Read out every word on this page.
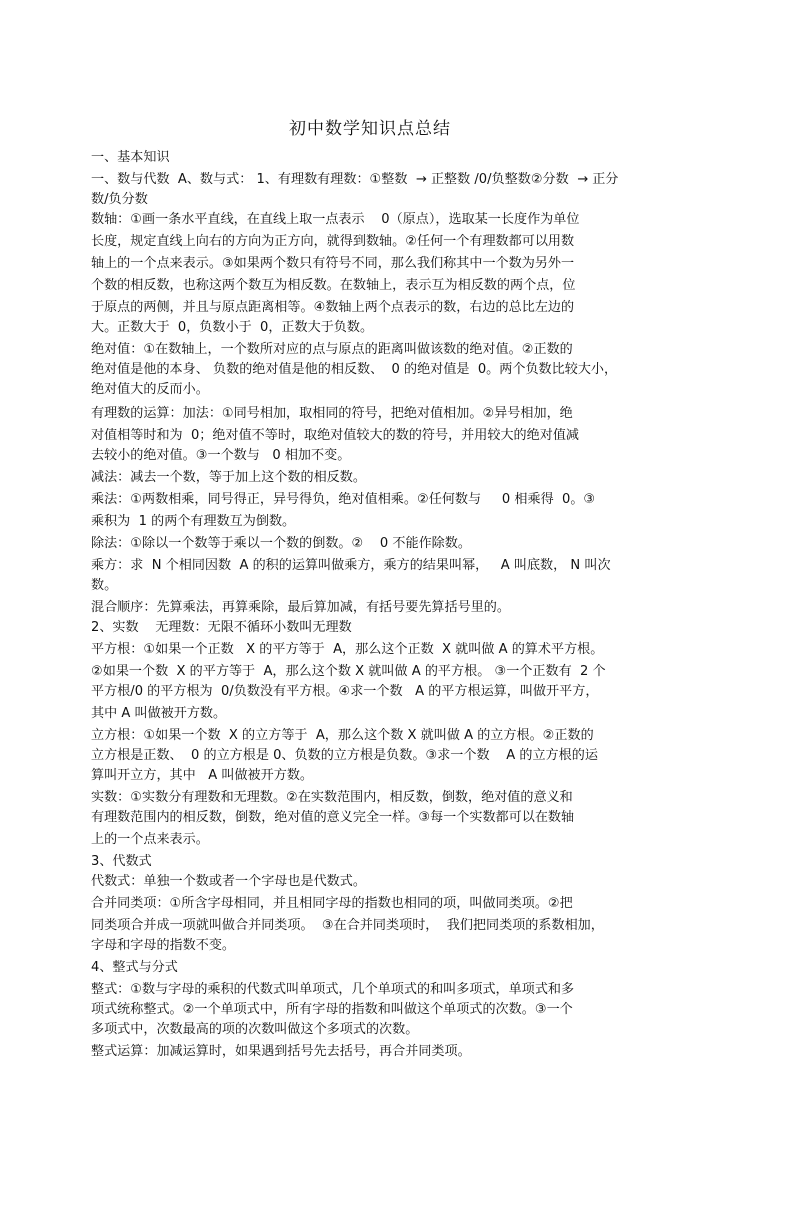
初中数学知识点总结
一、基本知识
一、数与代数  A、数与式： 1、有理数有理数：①整数  → 正整数 /0/负整数②分数  → 正分
数/负分数
数轴：①画一条水平直线，在直线上取一点表示    0（原点），选取某一长度作为单位
长度，规定直线上向右的方向为正方向，就得到数轴。②任何一个有理数都可以用数
轴上的一个点来表示。③如果两个数只有符号不同，那么我们称其中一个数为另外一
个数的相反数，也称这两个数互为相反数。在数轴上，表示互为相反数的两个点，位
于原点的两侧，并且与原点距离相等。④数轴上两个点表示的数，右边的总比左边的
大。正数大于  0，负数小于  0，正数大于负数。
绝对值：①在数轴上，一个数所对应的点与原点的距离叫做该数的绝对值。②正数的
绝对值是他的本身、 负数的绝对值是他的相反数、  0 的绝对值是  0。两个负数比较大小，
绝对值大的反而小。
有理数的运算：加法：①同号相加，取相同的符号，把绝对值相加。②异号相加，绝
对值相等时和为  0；绝对值不等时，取绝对值较大的数的符号，并用较大的绝对值减
去较小的绝对值。③一个数与   0 相加不变。
减法：减去一个数，等于加上这个数的相反数。
乘法：①两数相乘，同号得正，异号得负，绝对值相乘。②任何数与     0 相乘得  0。③
乘积为  1 的两个有理数互为倒数。
除法：①除以一个数等于乘以一个数的倒数。②    0 不能作除数。
乘方：求  N 个相同因数  A 的积的运算叫做乘方，乘方的结果叫幂，   A 叫底数， N 叫次
数。
混合顺序：先算乘法，再算乘除，最后算加减，有括号要先算括号里的。
2、实数    无理数：无限不循环小数叫无理数
平方根：①如果一个正数   X 的平方等于  A，那么这个正数  X 就叫做 A 的算术平方根。
②如果一个数  X 的平方等于  A，那么这个数 X 就叫做 A 的平方根。 ③一个正数有  2 个
平方根/0 的平方根为  0/负数没有平方根。④求一个数   A 的平方根运算，叫做开平方，
其中 A 叫做被开方数。
立方根：①如果一个数  X 的立方等于  A，那么这个数 X 就叫做 A 的立方根。②正数的
立方根是正数、  0 的立方根是 0、负数的立方根是负数。③求一个数    A 的立方根的运
算叫开立方，其中   A 叫做被开方数。
实数：①实数分有理数和无理数。②在实数范围内，相反数，倒数，绝对值的意义和
有理数范围内的相反数，倒数，绝对值的意义完全一样。③每一个实数都可以在数轴
上的一个点来表示。
3、代数式
代数式：单独一个数或者一个字母也是代数式。
合并同类项：①所含字母相同，并且相同字母的指数也相同的项，叫做同类项。②把
同类项合并成一项就叫做合并同类项。  ③在合并同类项时，  我们把同类项的系数相加，
字母和字母的指数不变。
4、整式与分式
整式：①数与字母的乘积的代数式叫单项式，几个单项式的和叫多项式，单项式和多
项式统称整式。②一个单项式中，所有字母的指数和叫做这个单项式的次数。③一个
多项式中，次数最高的项的次数叫做这个多项式的次数。
整式运算：加减运算时，如果遇到括号先去括号，再合并同类项。
